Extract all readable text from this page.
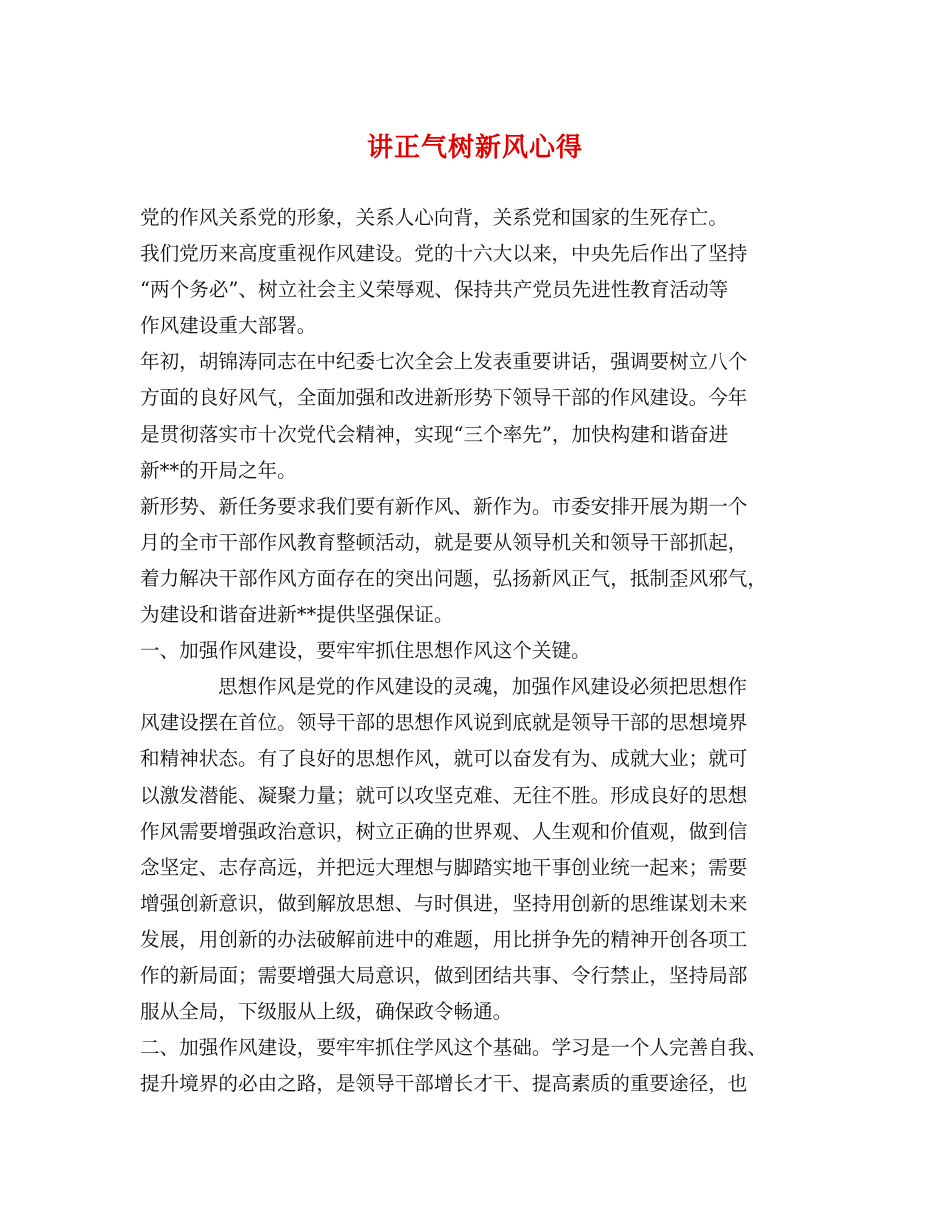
讲正气树新风心得
党的作风关系党的形象，关系人心向背，关系党和国家的生死存亡。
我们党历来高度重视作风建设。党的十六大以来，中央先后作出了坚持
“两个务必”、树立社会主义荣辱观、保持共产党员先进性教育活动等
作风建设重大部署。
年初，胡锦涛同志在中纪委七次全会上发表重要讲话，强调要树立八个
方面的良好风气，全面加强和改进新形势下领导干部的作风建设。今年
是贯彻落实市十次党代会精神，实现“三个率先”，加快构建和谐奋进
新**的开局之年。
新形势、新任务要求我们要有新作风、新作为。市委安排开展为期一个
月的全市干部作风教育整顿活动，就是要从领导机关和领导干部抓起，
着力解决干部作风方面存在的突出问题，弘扬新风正气，抵制歪风邪气，
为建设和谐奋进新**提供坚强保证。
一、加强作风建设，要牢牢抓住思想作风这个关键。
思想作风是党的作风建设的灵魂，加强作风建设必须把思想作
风建设摆在首位。领导干部的思想作风说到底就是领导干部的思想境界
和精神状态。有了良好的思想作风，就可以奋发有为、成就大业；就可
以激发潜能、凝聚力量；就可以攻坚克难、无往不胜。形成良好的思想
作风需要增强政治意识，树立正确的世界观、人生观和价值观，做到信
念坚定、志存高远，并把远大理想与脚踏实地干事创业统一起来；需要
增强创新意识，做到解放思想、与时俱进，坚持用创新的思维谋划未来
发展，用创新的办法破解前进中的难题，用比拼争先的精神开创各项工
作的新局面；需要增强大局意识，做到团结共事、令行禁止，坚持局部
服从全局，下级服从上级，确保政令畅通。
二、加强作风建设，要牢牢抓住学风这个基础。学习是一个人完善自我、
提升境界的必由之路，是领导干部增长才干、提高素质的重要途径，也
